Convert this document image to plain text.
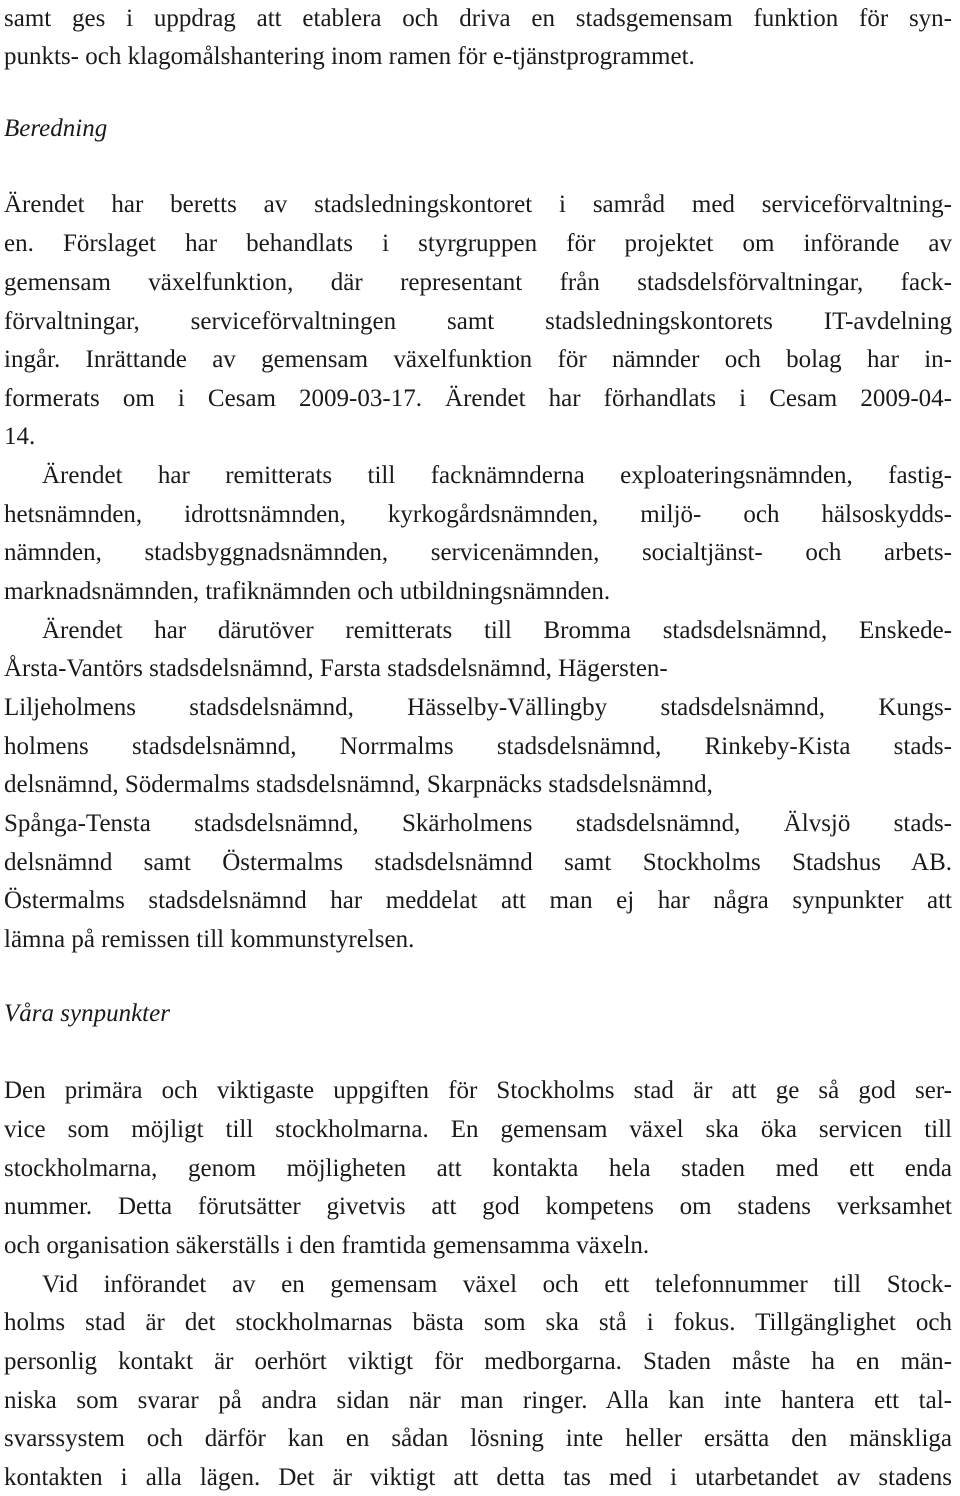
samt ges i uppdrag att etablera och driva en stadsgemensam funktion för syn-
punkts- och klagomålshantering inom ramen för e-tjänstprogrammet.
Beredning
Ärendet har beretts av stadsledningskontoret i samråd med serviceförvaltning-
en. Förslaget har behandlats i styrgruppen för projektet om införande av
gemensam växelfunktion, där representant från stadsdelsförvaltningar, fack-
förvaltningar, serviceförvaltningen samt stadsledningskontorets IT-avdelning
ingår. Inrättande av gemensam växelfunktion för nämnder och bolag har in-
formerats om i Cesam 2009-03-17. Ärendet har förhandlats i Cesam 2009-04-
14.
Ärendet har remitterats till facknämnderna exploateringsnämnden, fastig-
hetsnämnden, idrottsnämnden, kyrkogårdsnämnden, miljö- och hälsoskydds-
nämnden, stadsbyggnadsnämnden, servicenämnden, socialtjänst- och arbets-
marknadsnämnden, trafiknämnden och utbildningsnämnden.
Ärendet har därutöver remitterats till Bromma stadsdelsnämnd, Enskede-
Årsta-Vantörs stadsdelsnämnd, Farsta stadsdelsnämnd, Hägersten-
Liljeholmens stadsdelsnämnd, Hässelby-Vällingby stadsdelsnämnd, Kungs-
holmens stadsdelsnämnd, Norrmalms stadsdelsnämnd, Rinkeby-Kista stads-
delsnämnd, Södermalms stadsdelsnämnd, Skarpnäcks stadsdelsnämnd,
Spånga-Tensta stadsdelsnämnd, Skärholmens stadsdelsnämnd, Älvsjö stads-
delsnämnd samt Östermalms stadsdelsnämnd samt Stockholms Stadshus AB.
Östermalms stadsdelsnämnd har meddelat att man ej har några synpunkter att
lämna på remissen till kommunstyrelsen.
Våra synpunkter
Den primära och viktigaste uppgiften för Stockholms stad är att ge så god ser-
vice som möjligt till stockholmarna. En gemensam växel ska öka servicen till
stockholmarna, genom möjligheten att kontakta hela staden med ett enda
nummer. Detta förutsätter givetvis att god kompetens om stadens verksamhet
och organisation säkerställs i den framtida gemensamma växeln.
Vid införandet av en gemensam växel och ett telefonnummer till Stock-
holms stad är det stockholmarnas bästa som ska stå i fokus. Tillgänglighet och
personlig kontakt är oerhört viktigt för medborgarna. Staden måste ha en män-
niska som svarar på andra sidan när man ringer. Alla kan inte hantera ett tal-
svarssystem och därför kan en sådan lösning inte heller ersätta den mänskliga
kontakten i alla lägen. Det är viktigt att detta tas med i utarbetandet av stadens
